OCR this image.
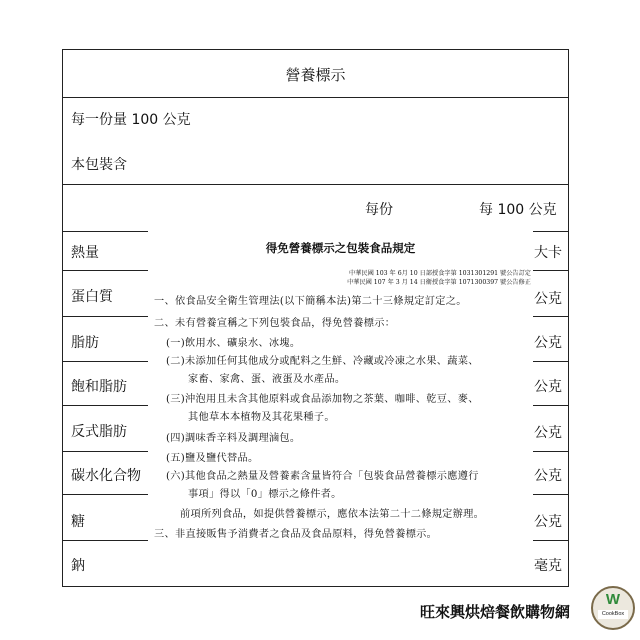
營養標示
每一份量 100 公克
本包裝含
每份	每 100 公克
熱量	大卡
蛋白質	公克
脂肪	公克
飽和脂肪	公克
反式脂肪	公克
碳水化合物	公克
糖	公克
鈉	毫克
得免營養標示之包裝食品規定
中華民國 103 年 6月 10 日部授食字第 1031301291 號公告訂定
中華民國 107 年 3 月 14 日衛授食字第 1071300397 號公告修正
一、依食品安全衛生管理法(以下簡稱本法)第二十三條規定訂定之。
二、未有營養宣稱之下列包裝食品，得免營養標示：
(一)飲用水、礦泉水、冰塊。
(二)未添加任何其他成分或配料之生鮮、冷藏或冷凍之水果、蔬菜、
家畜、家禽、蛋、液蛋及水產品。
(三)沖泡用且未含其他原料或食品添加物之茶葉、咖啡、乾豆、麥、
其他草本本植物及其花果種子。
(四)調味香辛料及調理滷包。
(五)鹽及鹽代替品。
(六)其他食品之熱量及營養素含量皆符合「包裝食品營養標示應遵行
事項」得以「0」標示之條件者。
前項所列食品，如提供營養標示，應依本法第二十二條規定辦理。
三、非直接販售予消費者之食品及食品原料，得免營養標示。
旺來興烘焙餐飲購物網
W
CookBox
